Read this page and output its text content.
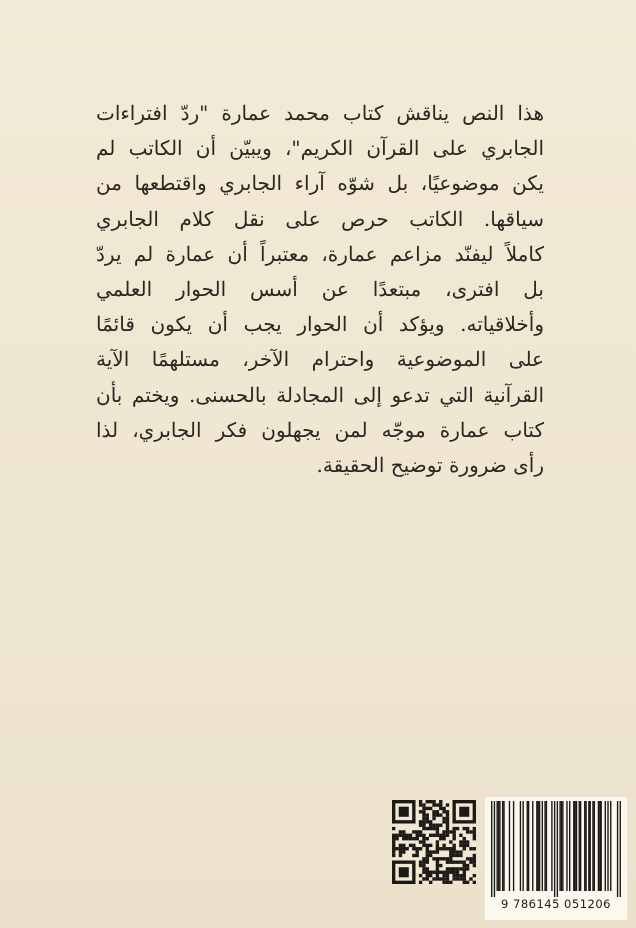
هذا النص يناقش كتاب محمد عمارة "ردّ افتراءات
الجابري على القرآن الكريم"، ويبيّن أن الكاتب لم
يكن موضوعيًا، بل شوّه آراء الجابري واقتطعها من
سياقها. الكاتب حرص على نقل كلام الجابري
كاملاً ليفنّد مزاعم عمارة، معتبراً أن عمارة لم يردّ
بل افترى، مبتعدًا عن أسس الحوار العلمي
وأخلاقياته. ويؤكد أن الحوار يجب أن يكون قائمًا
على الموضوعية واحترام الآخر، مستلهمًا الآية
القرآنية التي تدعو إلى المجادلة بالحسنى. ويختم بأن
كتاب عمارة موجّه لمن يجهلون فكر الجابري، لذا
رأى ضرورة توضيح الحقيقة.
9 786145 051206
